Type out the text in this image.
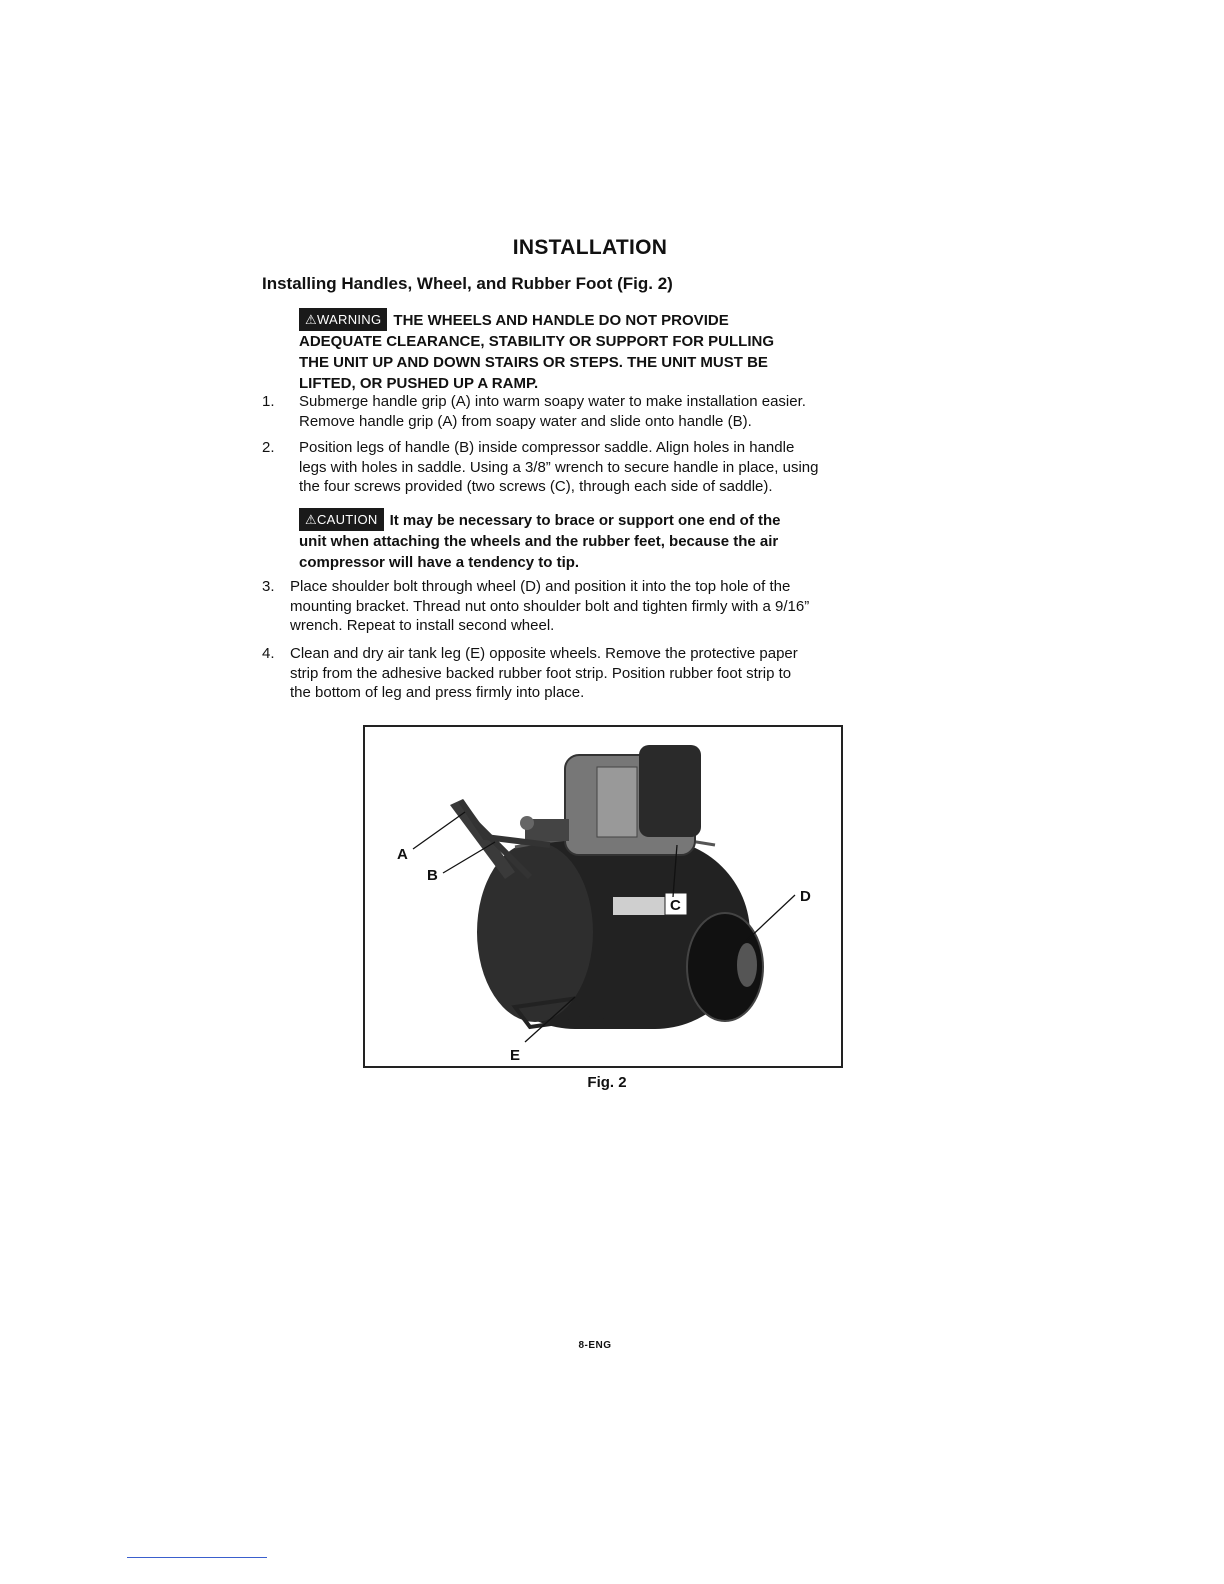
INSTALLATION
Installing Handles, Wheel, and Rubber Foot (Fig. 2)
⚠WARNING THE WHEELS AND HANDLE DO NOT PROVIDE
ADEQUATE CLEARANCE, STABILITY OR SUPPORT FOR PULLING
THE UNIT UP AND DOWN STAIRS OR STEPS. THE UNIT MUST BE
LIFTED, OR PUSHED UP A RAMP.
1. Submerge handle grip (A) into warm soapy water to make installation easier.
Remove handle grip (A) from soapy water and slide onto handle (B).
2. Position legs of handle (B) inside compressor saddle. Align holes in handle
legs with holes in saddle. Using a 3/8” wrench to secure handle in place, using
the four screws provided (two screws (C), through each side of saddle).
⚠CAUTION It may be necessary to brace or support one end of the
unit when attaching the wheels and the rubber feet, because the air
compressor will have a tendency to tip.
3. Place shoulder bolt through wheel (D) and position it into the top hole of the
mounting bracket. Thread nut onto shoulder bolt and tighten firmly with a 9/16”
wrench. Repeat to install second wheel.
4. Clean and dry air tank leg (E) opposite wheels. Remove the protective paper
strip from the adhesive backed rubber foot strip. Position rubber foot strip to
the bottom of leg and press firmly into place.
A
B
C
D
E
Fig. 2
8-ENG
